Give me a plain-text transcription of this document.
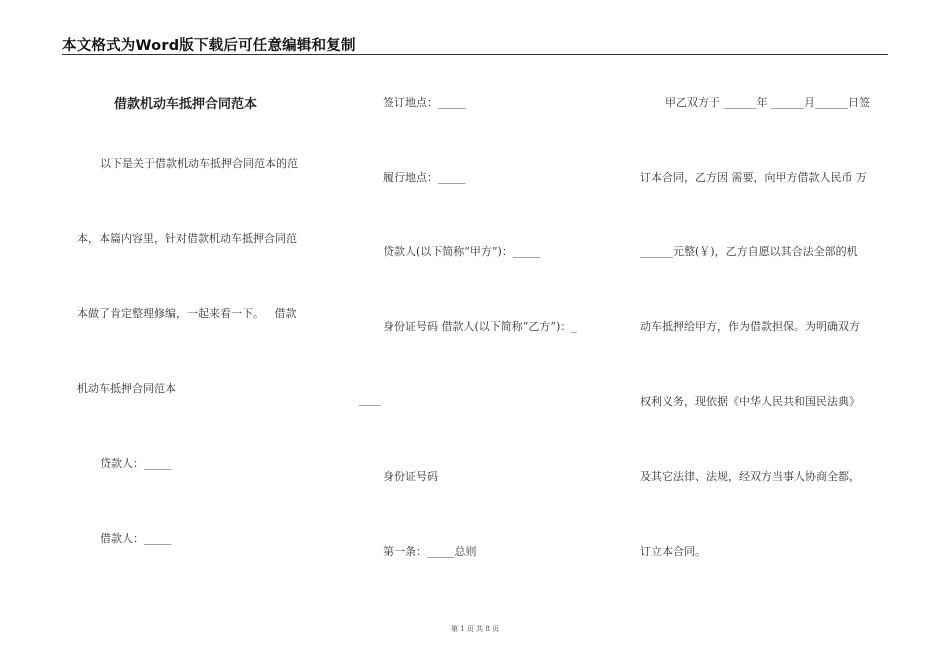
本文格式为Word版下载后可任意编辑和复制
借款机动车抵押合同范本
以下是关于借款机动车抵押合同范本的范
本，本篇内容里，针对借款机动车抵押合同范
本做了肯定整理修编，一起来看一下。   借款
机动车抵押合同范本
贷款人：_____
借款人：_____
签订地点：_____
履行地点：_____
贷款人(以下简称“甲方”)：_____
身份证号码 借款人(以下简称“乙方”)：_
____
身份证号码
第一条：_____总则
甲乙双方于 ______年 ______月______日签
订本合同，乙方因 需要，向甲方借款人民币 万
______元整(￥)，乙方自愿以其合法全部的机
动车抵押给甲方，作为借款担保。为明确双方
权利义务，现依据《中华人民共和国民法典》
及其它法律、法规，经双方当事人协商全都，
订立本合同。
第 1 页 共 8 页
